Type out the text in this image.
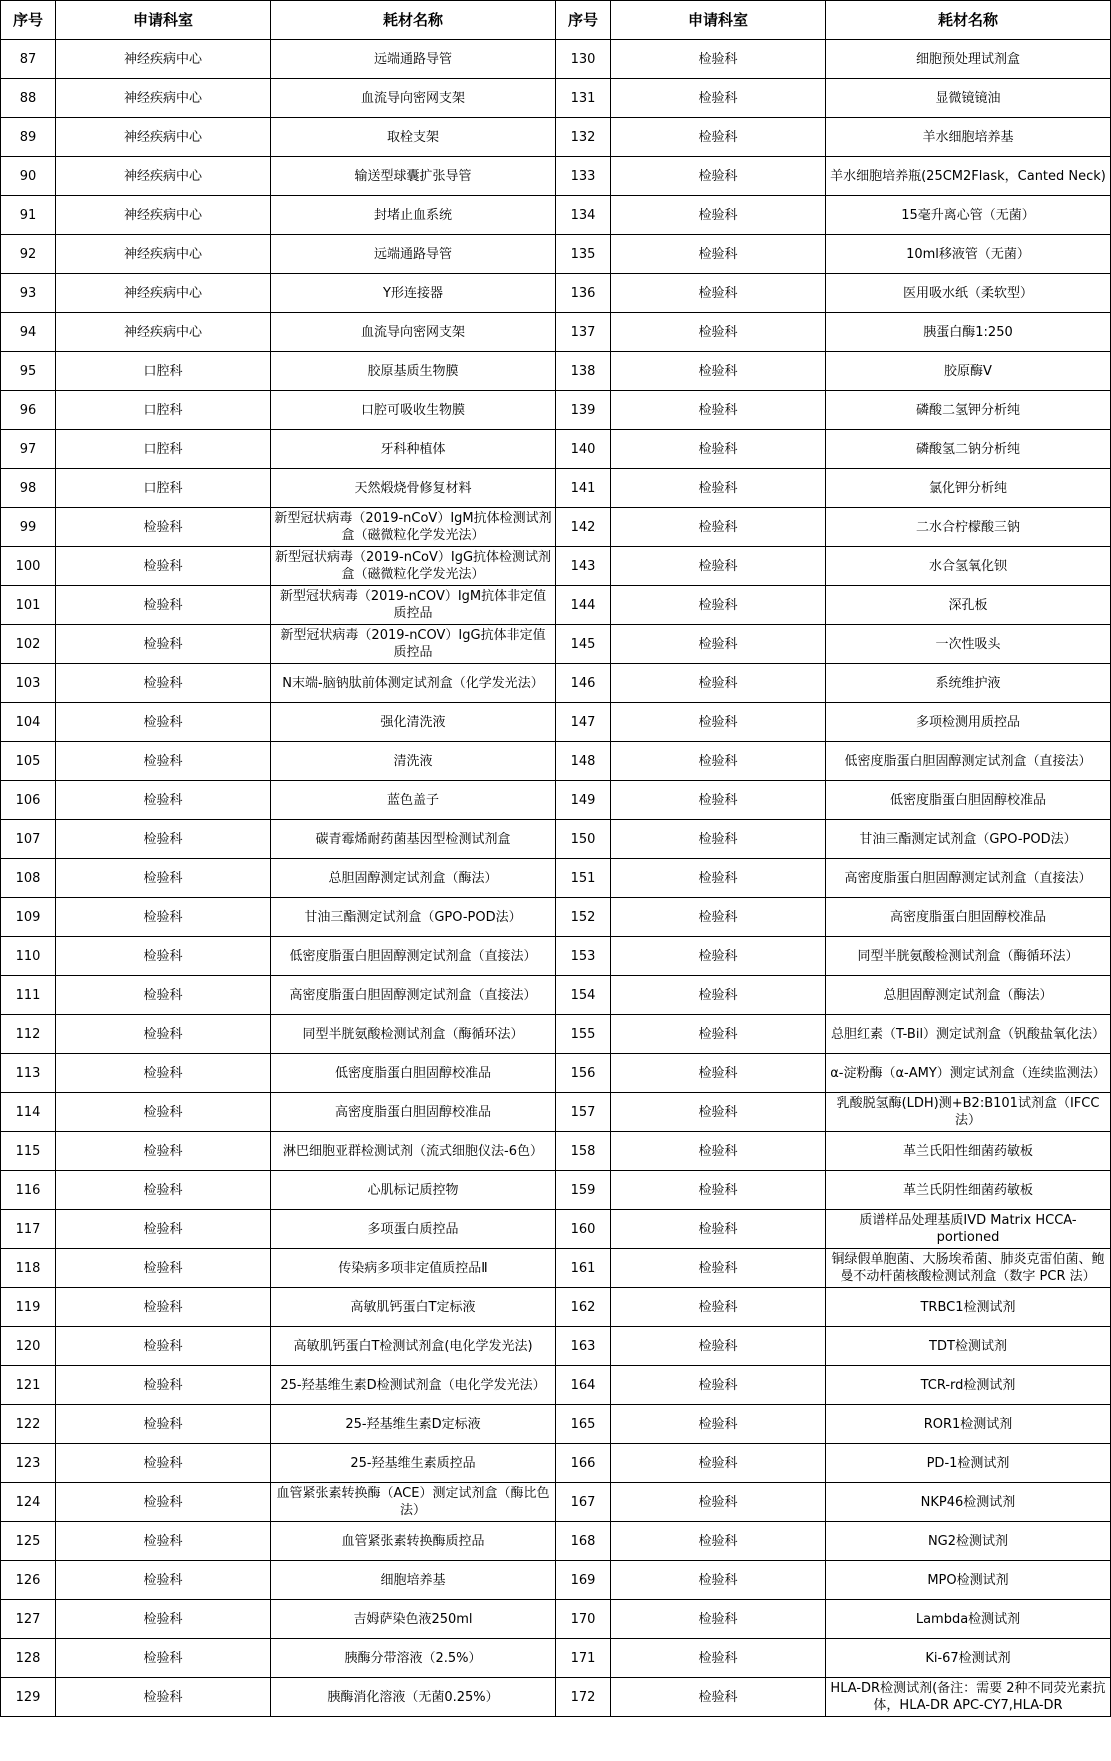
序号	申请科室	耗材名称	序号	申请科室	耗材名称
87	神经疾病中心	远端通路导管	130	检验科	细胞预处理试剂盒
88	神经疾病中心	血流导向密网支架	131	检验科	显微镜镜油
89	神经疾病中心	取栓支架	132	检验科	羊水细胞培养基
90	神经疾病中心	输送型球囊扩张导管	133	检验科	羊水细胞培养瓶(25CM2Flask，Canted Neck)
91	神经疾病中心	封堵止血系统	134	检验科	15毫升离心管（无菌）
92	神经疾病中心	远端通路导管	135	检验科	10ml移液管（无菌）
93	神经疾病中心	Y形连接器	136	检验科	医用吸水纸（柔软型）
94	神经疾病中心	血流导向密网支架	137	检验科	胰蛋白酶1:250
95	口腔科	胶原基质生物膜	138	检验科	胶原酶V
96	口腔科	口腔可吸收生物膜	139	检验科	磷酸二氢钾分析纯
97	口腔科	牙科种植体	140	检验科	磷酸氢二钠分析纯
98	口腔科	天然煅烧骨修复材料	141	检验科	氯化钾分析纯
99	检验科	新型冠状病毒（2019-nCoV）IgM抗体检测试剂盒（磁微粒化学发光法）	142	检验科	二水合柠檬酸三钠
100	检验科	新型冠状病毒（2019-nCoV）IgG抗体检测试剂盒（磁微粒化学发光法）	143	检验科	水合氢氧化钡
101	检验科	新型冠状病毒（2019-nCOV）IgM抗体非定值质控品	144	检验科	深孔板
102	检验科	新型冠状病毒（2019-nCOV）IgG抗体非定值质控品	145	检验科	一次性吸头
103	检验科	N末端-脑钠肽前体测定试剂盒（化学发光法）	146	检验科	系统维护液
104	检验科	强化清洗液	147	检验科	多项检测用质控品
105	检验科	清洗液	148	检验科	低密度脂蛋白胆固醇测定试剂盒（直接法）
106	检验科	蓝色盖子	149	检验科	低密度脂蛋白胆固醇校准品
107	检验科	碳青霉烯耐药菌基因型检测试剂盒	150	检验科	甘油三酯测定试剂盒（GPO-POD法）
108	检验科	总胆固醇测定试剂盒（酶法）	151	检验科	高密度脂蛋白胆固醇测定试剂盒（直接法）
109	检验科	甘油三酯测定试剂盒（GPO-POD法）	152	检验科	高密度脂蛋白胆固醇校准品
110	检验科	低密度脂蛋白胆固醇测定试剂盒（直接法）	153	检验科	同型半胱氨酸检测试剂盒（酶循环法）
111	检验科	高密度脂蛋白胆固醇测定试剂盒（直接法）	154	检验科	总胆固醇测定试剂盒（酶法）
112	检验科	同型半胱氨酸检测试剂盒（酶循环法）	155	检验科	总胆红素（T-Bil）测定试剂盒（钒酸盐氧化法）
113	检验科	低密度脂蛋白胆固醇校准品	156	检验科	α-淀粉酶（α-AMY）测定试剂盒（连续监测法）
114	检验科	高密度脂蛋白胆固醇校准品	157	检验科	乳酸脱氢酶(LDH)测+B2:B101试剂盒（IFCC法）
115	检验科	淋巴细胞亚群检测试剂（流式细胞仪法-6色）	158	检验科	革兰氏阳性细菌药敏板
116	检验科	心肌标记质控物	159	检验科	革兰氏阴性细菌药敏板
117	检验科	多项蛋白质控品	160	检验科	质谱样品处理基质IVD Matrix HCCA-portioned
118	检验科	传染病多项非定值质控品Ⅱ	161	检验科	铜绿假单胞菌、大肠埃希菌、肺炎克雷伯菌、鲍曼不动杆菌核酸检测试剂盒（数字 PCR 法）
119	检验科	高敏肌钙蛋白T定标液	162	检验科	TRBC1检测试剂
120	检验科	高敏肌钙蛋白T检测试剂盒(电化学发光法)	163	检验科	TDT检测试剂
121	检验科	25-羟基维生素D检测试剂盒（电化学发光法）	164	检验科	TCR-rd检测试剂
122	检验科	25-羟基维生素D定标液	165	检验科	ROR1检测试剂
123	检验科	25-羟基维生素质控品	166	检验科	PD-1检测试剂
124	检验科	血管紧张素转换酶（ACE）测定试剂盒（酶比色法）	167	检验科	NKP46检测试剂
125	检验科	血管紧张素转换酶质控品	168	检验科	NG2检测试剂
126	检验科	细胞培养基	169	检验科	MPO检测试剂
127	检验科	吉姆萨染色液250ml	170	检验科	Lambda检测试剂
128	检验科	胰酶分带溶液（2.5%）	171	检验科	Ki-67检测试剂
129	检验科	胰酶消化溶液（无菌0.25%）	172	检验科	HLA-DR检测试剂(备注：需要 2种不同荧光素抗体，HLA-DR APC-CY7,HLA-DR
